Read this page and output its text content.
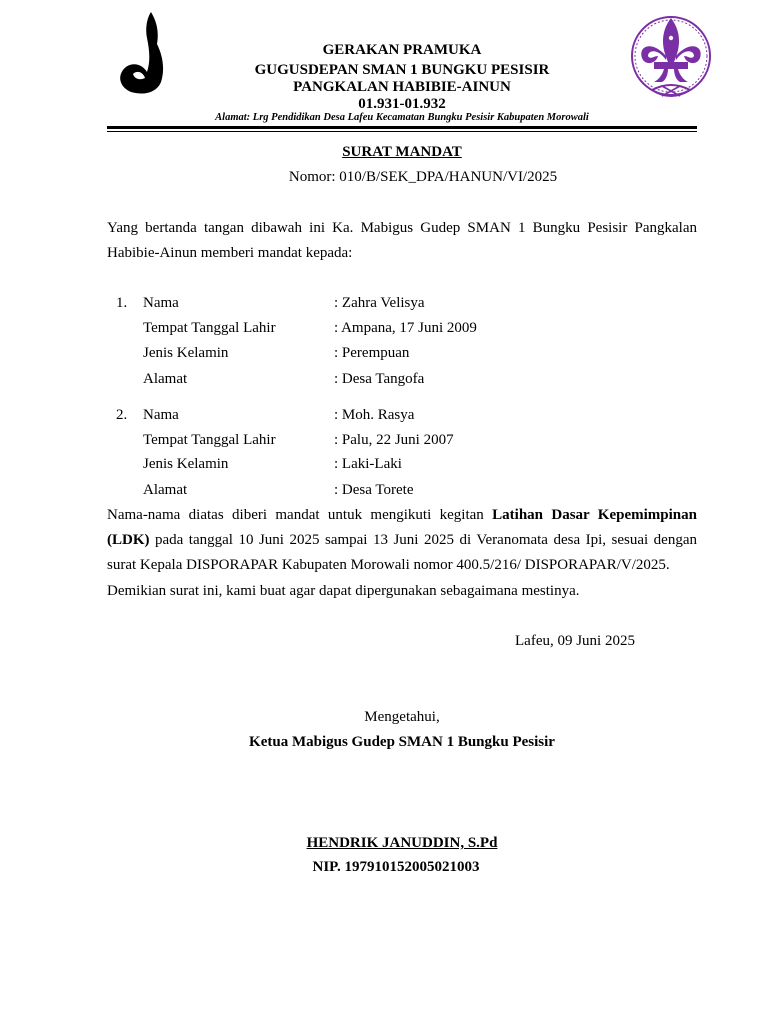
GERAKAN PRAMUKA
GUGUSDEPAN SMAN 1 BUNGKU PESISIR
PANGKALAN HABIBIE-AINUN
01.931-01.932
Alamat: Lrg Pendidikan Desa Lafeu Kecamatan Bungku Pesisir Kabupaten Morowali
SURAT MANDAT
Nomor: 010/B/SEK_DPA/HANUN/VI/2025
Yang bertanda tangan dibawah ini Ka. Mabigus Gudep SMAN 1 Bungku Pesisir Pangkalan Habibie-Ainun memberi mandat kepada:
1. Nama	: Zahra Velisya
Tempat Tanggal Lahir	: Ampana, 17 Juni 2009
Jenis Kelamin	: Perempuan
Alamat	: Desa Tangofa
2. Nama	: Moh. Rasya
Tempat Tanggal Lahir	: Palu, 22 Juni 2007
Jenis Kelamin	: Laki-Laki
Alamat	: Desa Torete
Nama-nama diatas diberi mandat untuk mengikuti kegitan Latihan Dasar Kepemimpinan (LDK) pada tanggal 10 Juni 2025 sampai 13 Juni 2025 di Veranomata desa Ipi, sesuai dengan surat Kepala DISPORAPAR Kabupaten Morowali nomor 400.5/216/ DISPORAPAR/V/2025.
Demikian surat ini, kami buat agar dapat dipergunakan sebagaimana mestinya.
Lafeu, 09 Juni 2025
Mengetahui,
Ketua Mabigus Gudep SMAN 1 Bungku Pesisir
HENDRIK JANUDDIN, S.Pd
NIP. 197910152005021003
